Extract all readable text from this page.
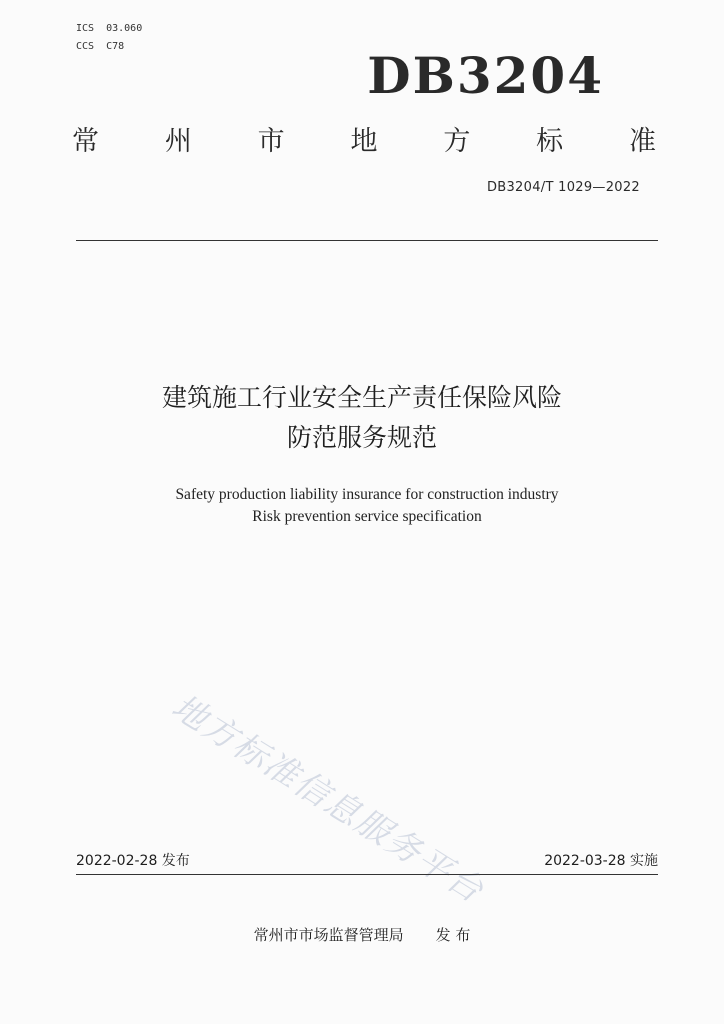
ICS  03.060
CCS  C78	DB3204
常 州 市 地 方 标 准
DB3204/T 1029—2022
建筑施工行业安全生产责任保险风险
防范服务规范
Safety production liability insurance for construction industry
Risk prevention service specification
地方标准信息服务平台
2022-02-28 发布	2022-03-28 实施
常州市市场监督管理局 发 布
